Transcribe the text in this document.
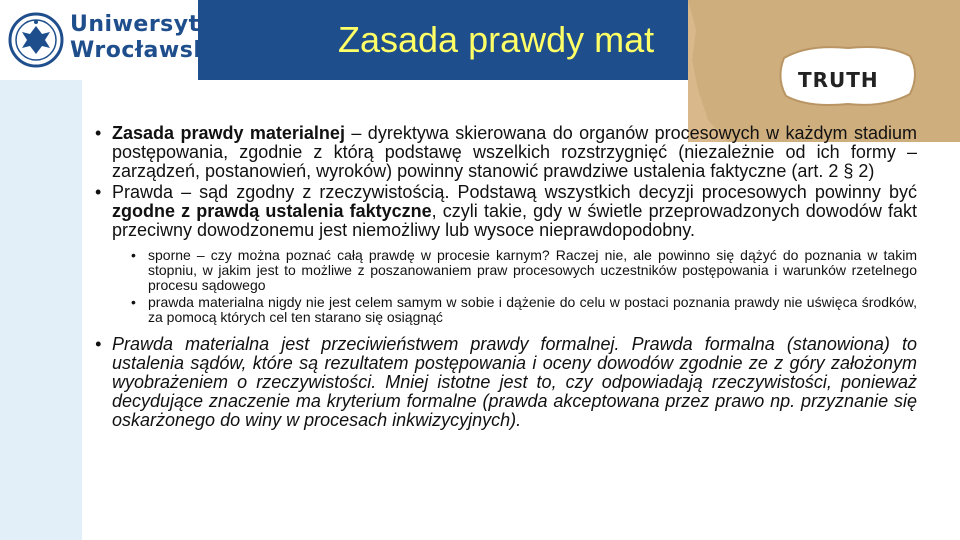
Uniwersytet
Wrocławski	Zasada prawdy mat
TRUTH
• Zasada prawdy materialnej – dyrektywa skierowana do organów procesowych w każdym stadium postępowania, zgodnie z którą podstawę wszelkich rozstrzygnięć (niezależnie od ich formy – zarządzeń, postanowień, wyroków) powinny stanowić prawdziwe ustalenia faktyczne (art. 2 § 2)
• Prawda – sąd zgodny z rzeczywistością. Podstawą wszystkich decyzji procesowych powinny być zgodne z prawdą ustalenia faktyczne, czyli takie, gdy w świetle przeprowadzonych dowodów fakt przeciwny dowodzonemu jest niemożliwy lub wysoce nieprawdopodobny.
• sporne – czy można poznać całą prawdę w procesie karnym? Raczej nie, ale powinno się dążyć do poznania w takim stopniu, w jakim jest to możliwe z poszanowaniem praw procesowych uczestników postępowania i warunków rzetelnego procesu sądowego
• prawda materialna nigdy nie jest celem samym w sobie i dążenie do celu w postaci poznania prawdy nie uświęca środków, za pomocą których cel ten starano się osiągnąć
• Prawda materialna jest przeciwieństwem prawdy formalnej. Prawda formalna (stanowiona) to ustalenia sądów, które są rezultatem postępowania i oceny dowodów zgodnie ze z góry założonym wyobrażeniem o rzeczywistości. Mniej istotne jest to, czy odpowiadają rzeczywistości, ponieważ decydujące znaczenie ma kryterium formalne (prawda akceptowana przez prawo np. przyznanie się oskarżonego do winy w procesach inkwizycyjnych).
